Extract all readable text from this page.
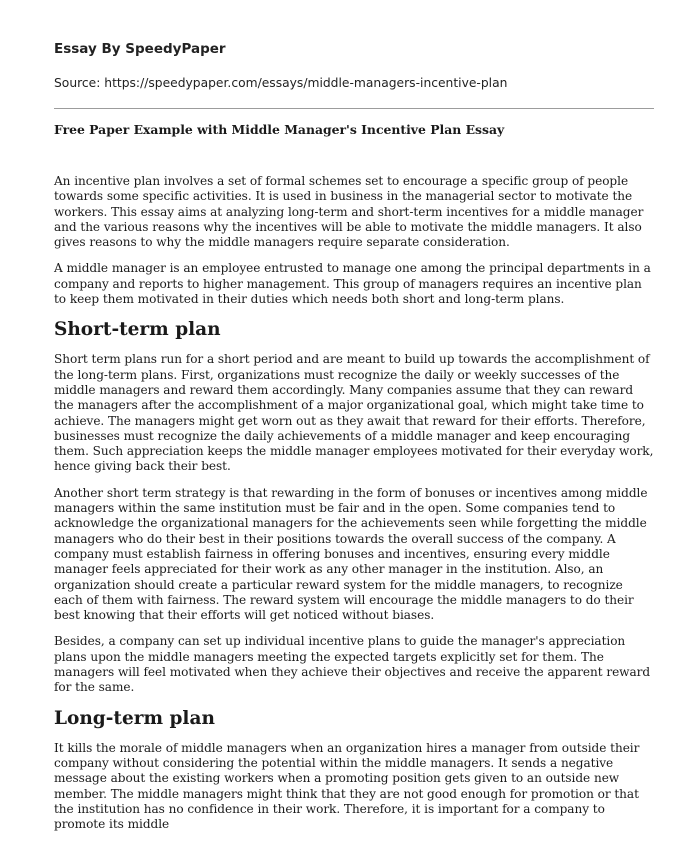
Essay By SpeedyPaper
Source: https://speedypaper.com/essays/middle-managers-incentive-plan
Free Paper Example with Middle Manager's Incentive Plan Essay

An incentive plan involves a set of formal schemes set to encourage a specific group of people towards some specific activities. It is used in business in the managerial sector to motivate the workers. This essay aims at analyzing long-term and short-term incentives for a middle manager and the various reasons why the incentives will be able to motivate the middle managers. It also gives reasons to why the middle managers require separate consideration.

A middle manager is an employee entrusted to manage one among the principal departments in a company and reports to higher management. This group of managers requires an incentive plan to keep them motivated in their duties which needs both short and long-term plans.

Short-term plan

Short term plans run for a short period and are meant to build up towards the accomplishment of the long-term plans. First, organizations must recognize the daily or weekly successes of the middle managers and reward them accordingly. Many companies assume that they can reward the managers after the accomplishment of a major organizational goal, which might take time to achieve. The managers might get worn out as they await that reward for their efforts. Therefore, businesses must recognize the daily achievements of a middle manager and keep encouraging them. Such appreciation keeps the middle manager employees motivated for their everyday work, hence giving back their best.

Another short term strategy is that rewarding in the form of bonuses or incentives among middle managers within the same institution must be fair and in the open. Some companies tend to acknowledge the organizational managers for the achievements seen while forgetting the middle managers who do their best in their positions towards the overall success of the company. A company must establish fairness in offering bonuses and incentives, ensuring every middle manager feels appreciated for their work as any other manager in the institution. Also, an organization should create a particular reward system for the middle managers, to recognize each of them with fairness. The reward system will encourage the middle managers to do their best knowing that their efforts will get noticed without biases.

Besides, a company can set up individual incentive plans to guide the manager's appreciation plans upon the middle managers meeting the expected targets explicitly set for them. The managers will feel motivated when they achieve their objectives and receive the apparent reward for the same.

Long-term plan

It kills the morale of middle managers when an organization hires a manager from outside their company without considering the potential within the middle managers. It sends a negative message about the existing workers when a promoting position gets given to an outside new member. The middle managers might think that they are not good enough for promotion or that the institution has no confidence in their work. Therefore, it is important for a company to promote its middle
